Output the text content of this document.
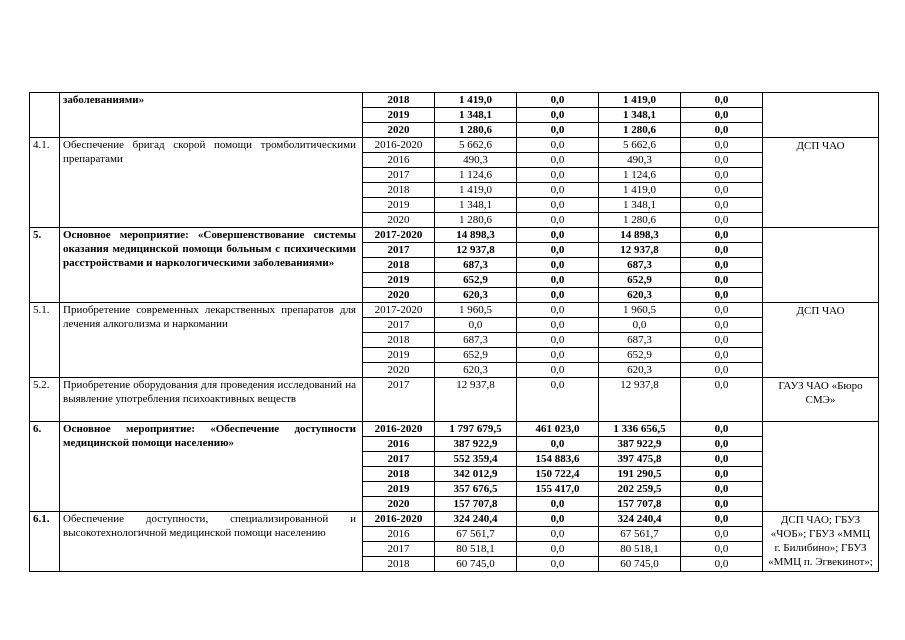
	заболеваниями»	2018	1 419,0	0,0	1 419,0	0,0	
		2019	1 348,1	0,0	1 348,1	0,0	
		2020	1 280,6	0,0	1 280,6	0,0	
4.1.	Обеспечение бригад скорой помощи тромболитическими препаратами	2016-2020	5 662,6	0,0	5 662,6	0,0	ДСП ЧАО
		2016	490,3	0,0	490,3	0,0	
		2017	1 124,6	0,0	1 124,6	0,0	
		2018	1 419,0	0,0	1 419,0	0,0	
		2019	1 348,1	0,0	1 348,1	0,0	
		2020	1 280,6	0,0	1 280,6	0,0	
5.	Основное мероприятие: «Совершенствование системы оказания медицинской помощи больным с психическими расстройствами и наркологическими заболеваниями»	2017-2020	14 898,3	0,0	14 898,3	0,0	
		2017	12 937,8	0,0	12 937,8	0,0	
		2018	687,3	0,0	687,3	0,0	
		2019	652,9	0,0	652,9	0,0	
		2020	620,3	0,0	620,3	0,0	
5.1.	Приобретение современных лекарственных препаратов для лечения алкоголизма и наркомании	2017-2020	1 960,5	0,0	1 960,5	0,0	ДСП ЧАО
		2017	0,0	0,0	0,0	0,0	
		2018	687,3	0,0	687,3	0,0	
		2019	652,9	0,0	652,9	0,0	
		2020	620,3	0,0	620,3	0,0	
5.2.	Приобретение оборудования для проведения исследований на выявление употребления психоактивных веществ	2017	12 937,8	0,0	12 937,8	0,0	ГАУЗ ЧАО «Бюро СМЭ»
6.	Основное мероприятие: «Обеспечение доступности медицинской помощи населению»	2016-2020	1 797 679,5	461 023,0	1 336 656,5	0,0	
		2016	387 922,9	0,0	387 922,9	0,0	
		2017	552 359,4	154 883,6	397 475,8	0,0	
		2018	342 012,9	150 722,4	191 290,5	0,0	
		2019	357 676,5	155 417,0	202 259,5	0,0	
		2020	157 707,8	0,0	157 707,8	0,0	
6.1.	Обеспечение доступности, специализированной и высокотехнологичной медицинской помощи населению	2016-2020	324 240,4	0,0	324 240,4	0,0	ДСП ЧАО; ГБУЗ «ЧОБ»; ГБУЗ «ММЦ г. Билибино»; ГБУЗ «ММЦ п. Эгвекинот»;
		2016	67 561,7	0,0	67 561,7	0,0	
		2017	80 518,1	0,0	80 518,1	0,0	
		2018	60 745,0	0,0	60 745,0	0,0	
